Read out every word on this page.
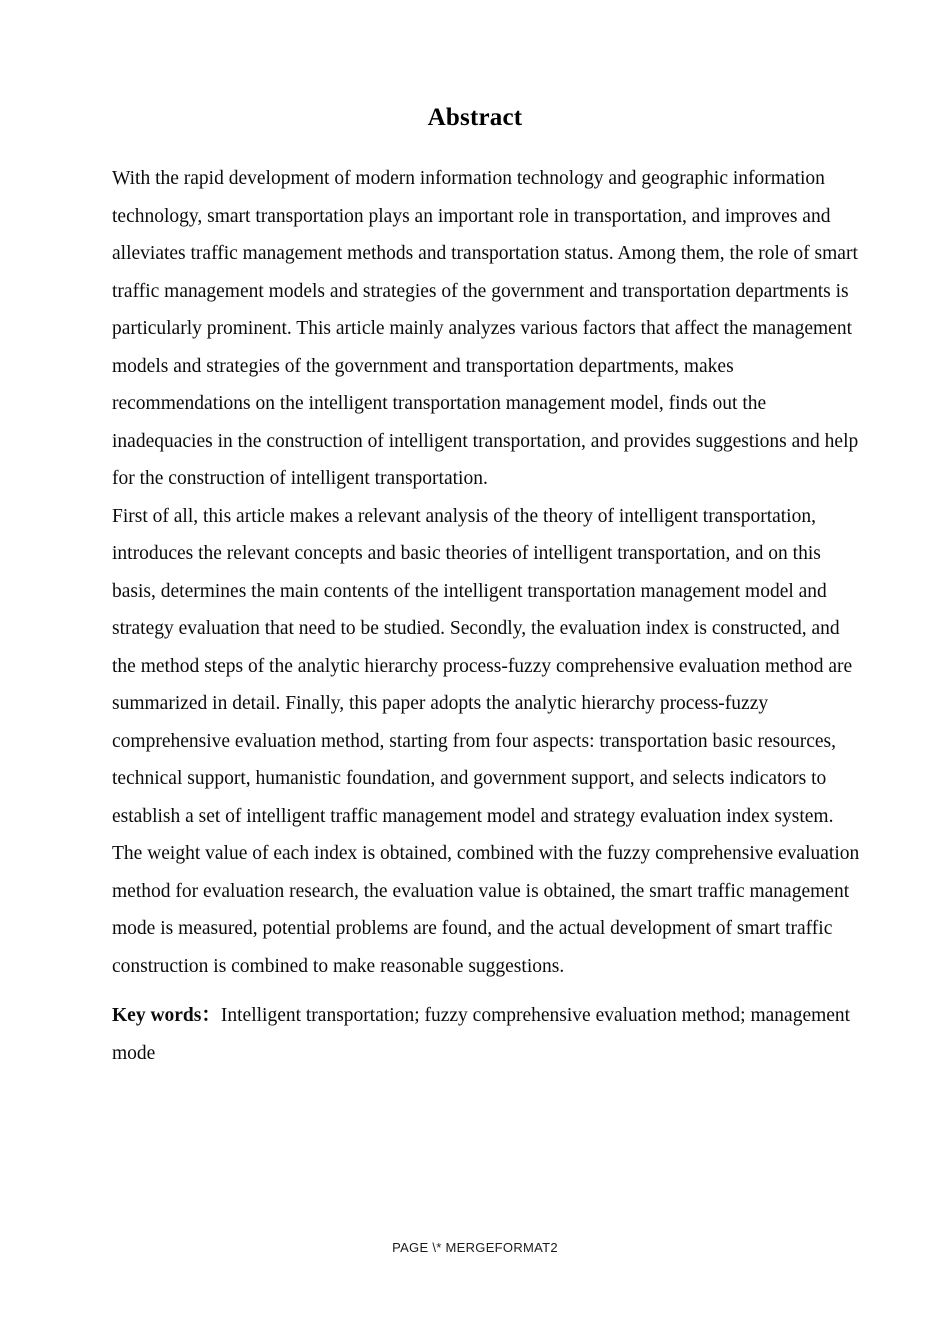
Abstract

With the rapid development of modern information technology and geographic information technology, smart transportation plays an important role in transportation, and improves and alleviates traffic management methods and transportation status. Among them, the role of smart traffic management models and strategies of the government and transportation departments is particularly prominent. This article mainly analyzes various factors that affect the management models and strategies of the government and transportation departments, makes recommendations on the intelligent transportation management model, finds out the inadequacies in the construction of intelligent transportation, and provides suggestions and help for the construction of intelligent transportation.

First of all, this article makes a relevant analysis of the theory of intelligent transportation, introduces the relevant concepts and basic theories of intelligent transportation, and on this basis, determines the main contents of the intelligent transportation management model and strategy evaluation that need to be studied. Secondly, the evaluation index is constructed, and the method steps of the analytic hierarchy process-fuzzy comprehensive evaluation method are summarized in detail. Finally, this paper adopts the analytic hierarchy process-fuzzy comprehensive evaluation method, starting from four aspects: transportation basic resources, technical support, humanistic foundation, and government support, and selects indicators to establish a set of intelligent traffic management model and strategy evaluation index system. The weight value of each index is obtained, combined with the fuzzy comprehensive evaluation method for evaluation research, the evaluation value is obtained, the smart traffic management mode is measured, potential problems are found, and the actual development of smart traffic construction is combined to make reasonable suggestions.

Key words：Intelligent transportation; fuzzy comprehensive evaluation method; management mode

PAGE \* MERGEFORMAT2
